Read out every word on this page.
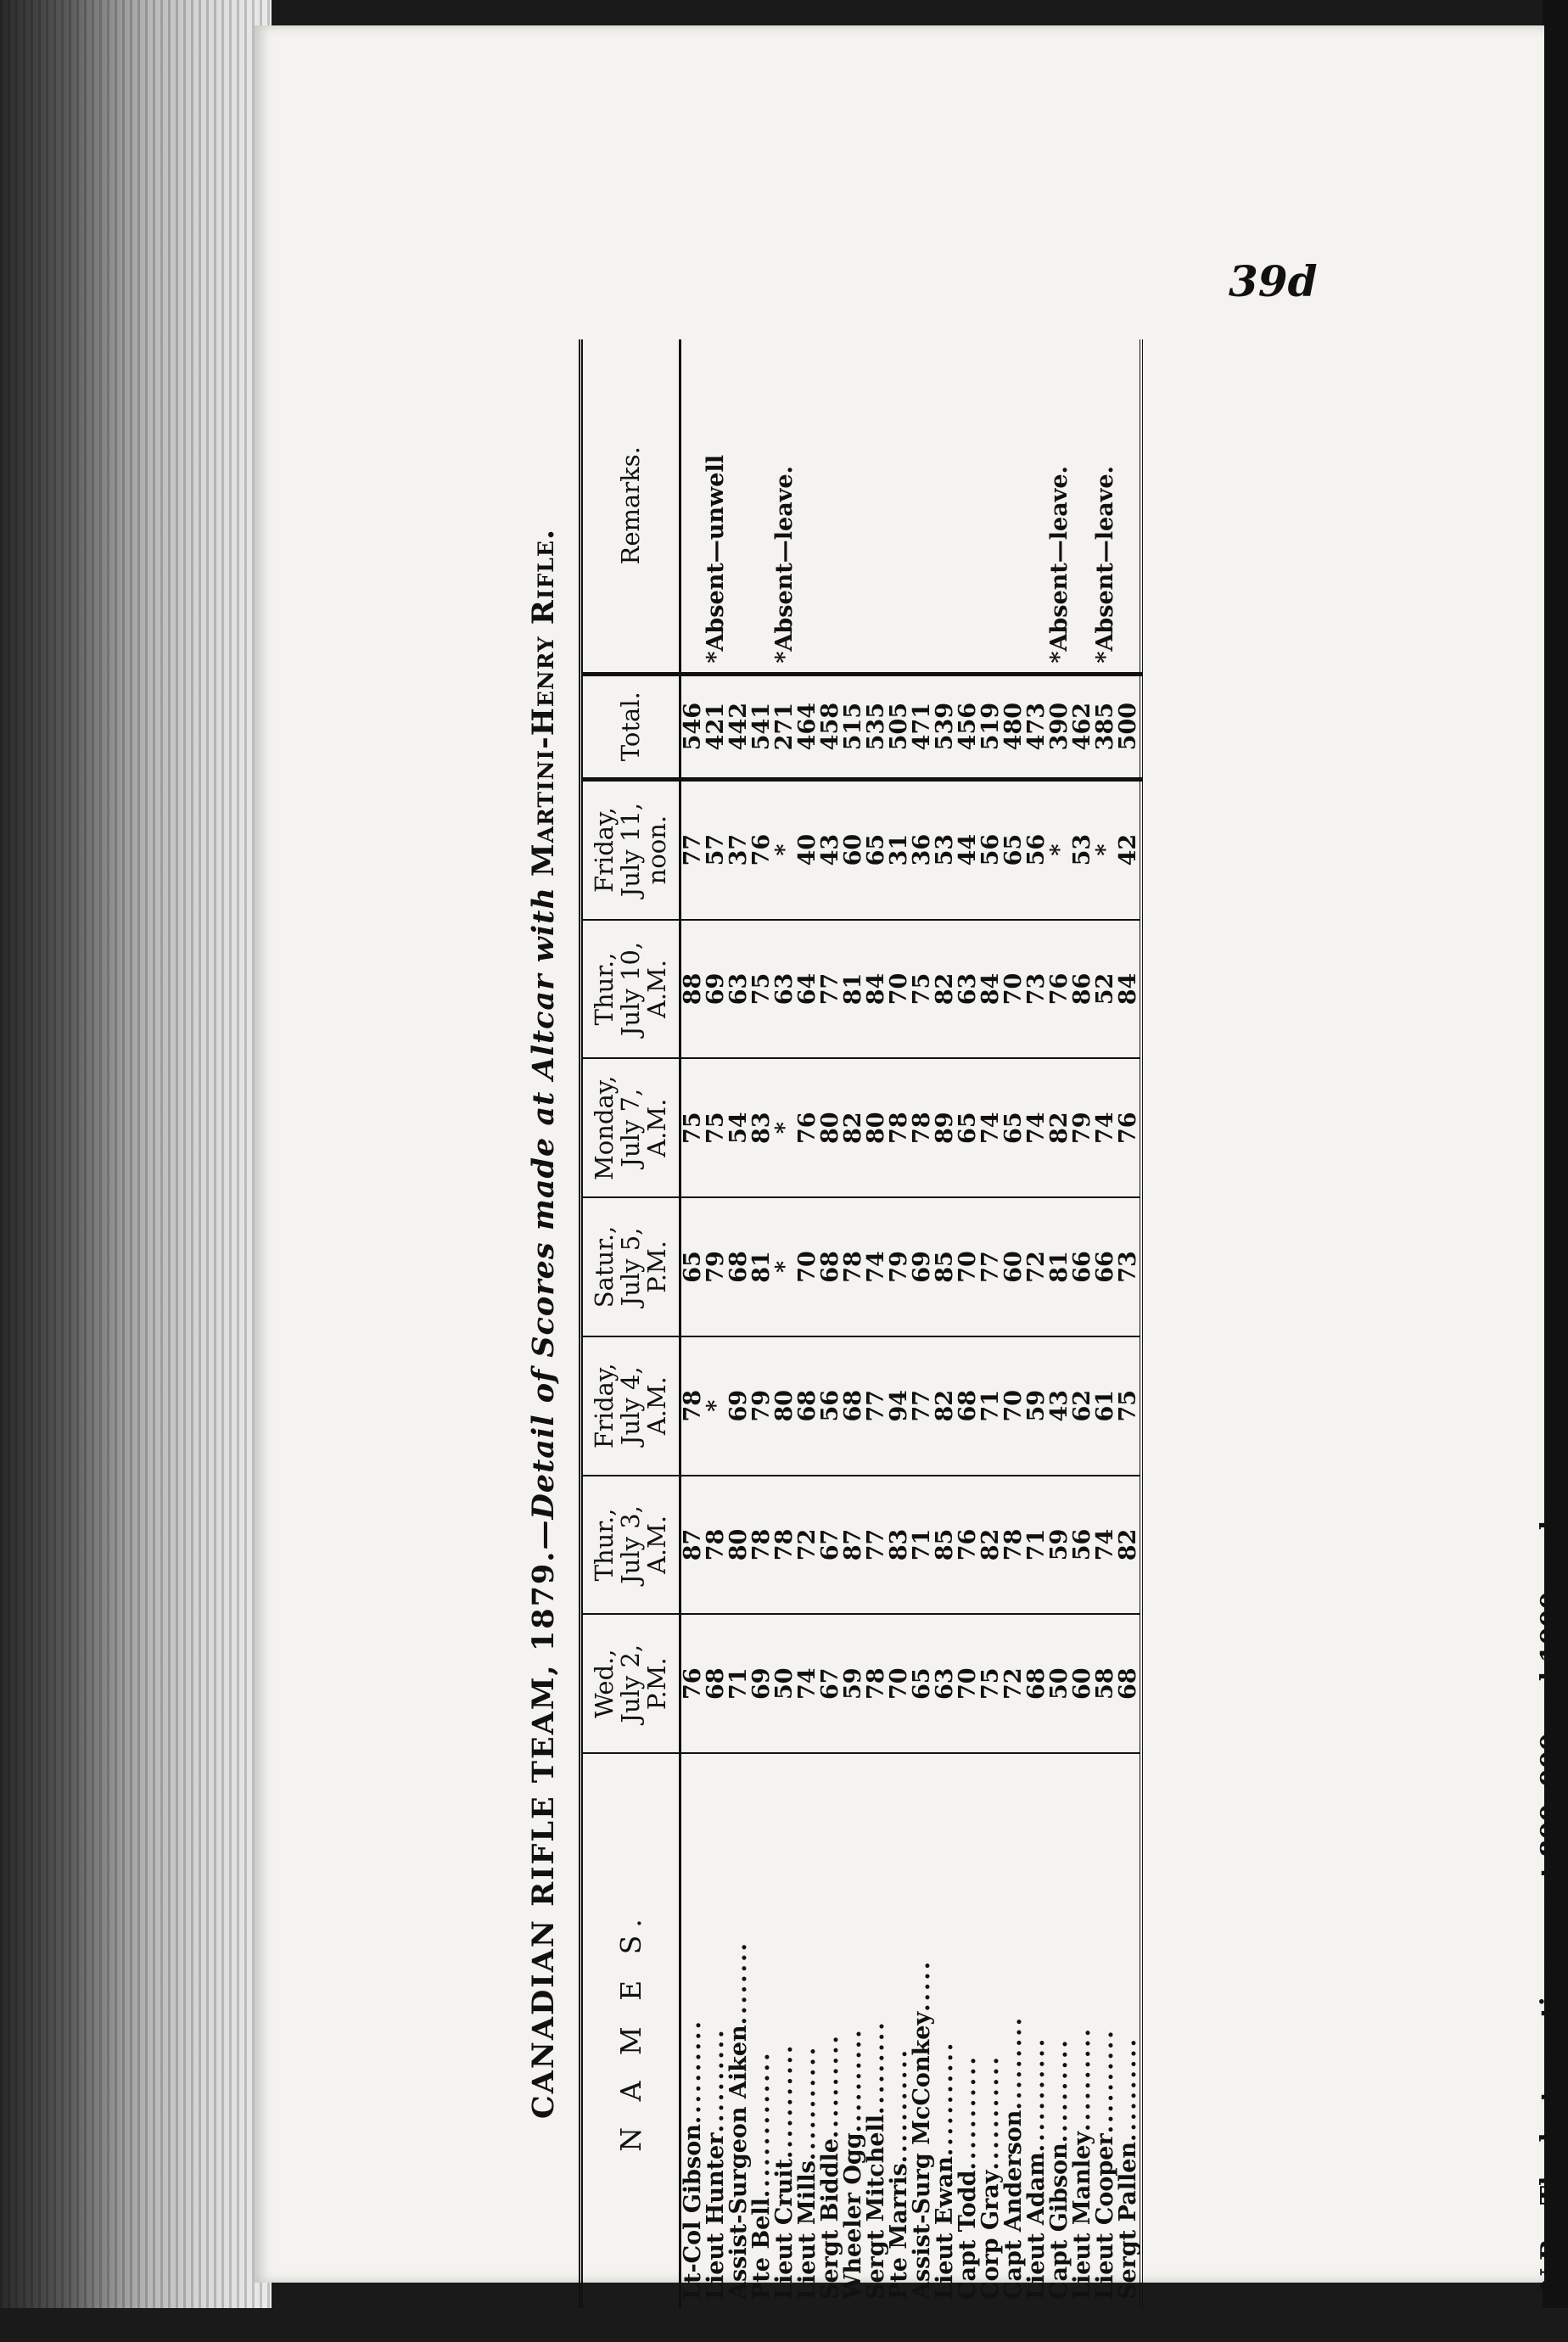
39d
CANADIAN RIFLE TEAM, 1879.—Detail of Scores made at Altcar with Martini-Henry Rifle.
N A M E S.	Wed.,
July 2,
P.M.	Thur.,
July 3,
A.M.	Friday,
July 4,
A.M.	Satur.,
July 5,
P.M.	Monday,
July 7,
A.M.	Thur.,
July 10,
A.M.	Friday,
July 11,
noon.	Total.	Remarks.
Lt-Col Gibson..........	76	87	78	65	75	88	77	546	
Lieut Hunter..........	68	78	*	79	75	69	57	421	*Absent—unwell
Assist-Surgeon Aiken........	71	80	69	68	54	63	37	442	
Pte Bell..............	69	78	79	81	83	75	76	541	
Lieut Cruit...........	50	78	80	*	*	63	*	271	*Absent—leave.
Lieut Mills...........	74	72	68	70	76	64	40	464	
Sergt Biddle..........	67	67	56	68	80	77	43	458	
Wheeler Ogg..........	59	87	68	78	82	81	60	515	
Sergt Mitchell.........	78	77	77	74	80	84	65	535	
Pte Marris...........	70	83	94	79	78	70	31	505	
Assist-Surg McConkey.....	65	71	77	69	78	75	36	471	
Lieut Ewan...........	63	85	82	85	89	82	53	539	
Capt Todd...........	70	76	68	70	65	63	44	456	
Corp Gray...........	75	82	71	77	74	84	56	519	
Capt Anderson.........	72	78	70	60	65	70	65	480	
Lieut Adam...........	68	71	59	72	74	73	56	473	
Capt Gibson..........	50	59	43	81	82	76	*	390	*Absent—leave.
Lieut Manley..........	60	56	62	66	79	86	53	462	
Lieut Cooper..........	58	74	61	66	74	52	*	385	*Absent—leave.
Sergt Pallen..........	68	82	75	73	76	84	42	500	
N.B.—The last practice was at 800, 900 and 1000 yards.
